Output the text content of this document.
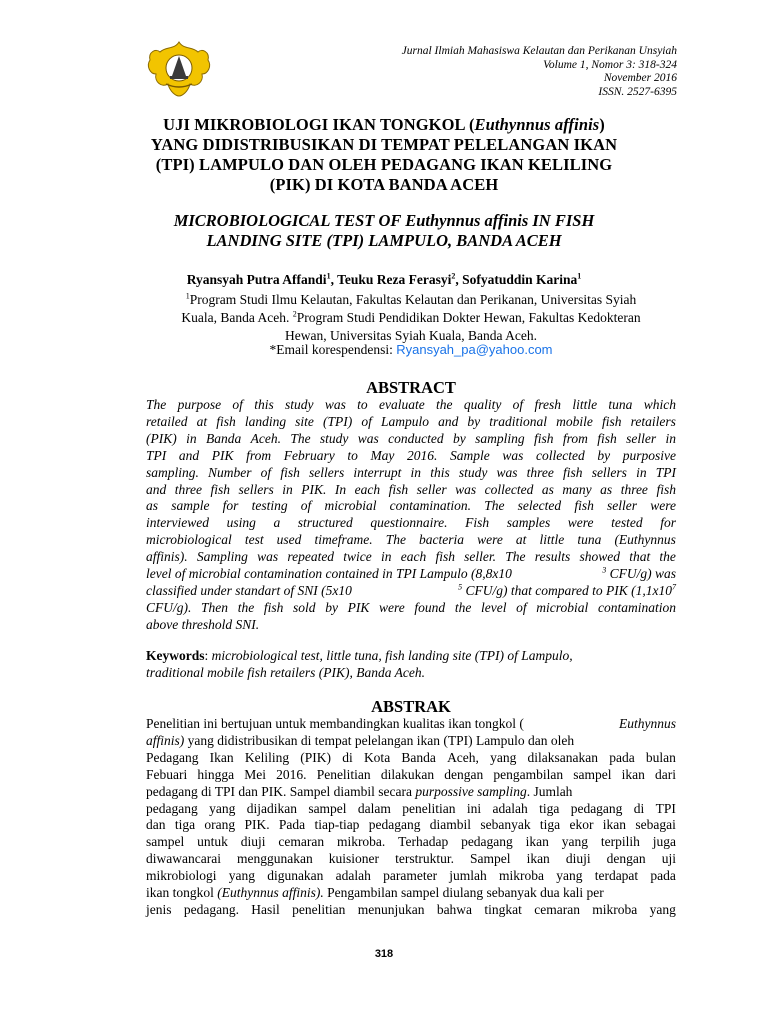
Jurnal Ilmiah Mahasiswa Kelautan dan Perikanan Unsyiah
Volume 1, Nomor 3: 318-324
November 2016
ISSN. 2527-6395
UJI MIKROBIOLOGI IKAN TONGKOL (Euthynnus affinis)
YANG DIDISTRIBUSIKAN DI TEMPAT PELELANGAN IKAN
(TPI) LAMPULO DAN OLEH PEDAGANG IKAN KELILING
(PIK) DI KOTA BANDA ACEH
MICROBIOLOGICAL TEST OF Euthynnus affinis IN FISH
LANDING SITE (TPI) LAMPULO, BANDA ACEH
Ryansyah Putra Affandi$^1$, Teuku Reza Ferasyi$^2$, Sofyatuddin Karina$^1$
$^1$Program Studi Ilmu Kelautan, Fakultas Kelautan dan Perikanan, Universitas Syiah
Kuala, Banda Aceh. $^2$Program Studi Pendidikan Dokter Hewan, Fakultas Kedokteran
Hewan, Universitas Syiah Kuala, Banda Aceh.
*Email korespendensi: Ryansyah_pa@yahoo.com
ABSTRACT
The purpose of this study was to evaluate the quality of fresh little tuna which
retailed at fish landing site (TPI) of Lampulo and by traditional mobile fish retailers
(PIK) in Banda Aceh. The study was conducted by sampling fish from fish seller in
TPI and PIK from February to May 2016. Sample was collected by purposive
sampling. Number of fish sellers interrupt in this study was three fish sellers in TPI
and three fish sellers in PIK. In each fish seller was collected as many as three fish
as sample for testing of microbial contamination. The selected fish seller were
interviewed using a structured questionnaire. Fish samples were tested for
microbiological test used timeframe. The bacteria were at little tuna (Euthynnus
affinis). Sampling was repeated twice in each fish seller. The results showed that the
level of microbial contamination contained in TPI Lampulo (8,8x10	$^3$ CFU/g) was
classified under standart of SNI (5x10	$^5$ CFU/g) that compared to PIK ($1,1x10^7$
CFU/g). Then the fish sold by PIK were found the level of microbial contamination
above threshold SNI.
Keywords: microbiological test, little tuna, fish landing site (TPI) of Lampulo,
traditional mobile fish retailers (PIK), Banda Aceh.
ABSTRAK
Penelitian ini bertujuan untuk membandingkan kualitas ikan tongkol (	Euthynnus
affinis) yang didistribusikan di tempat pelelangan ikan (TPI) Lampulo dan oleh
Pedagang Ikan Keliling (PIK) di Kota Banda Aceh, yang dilaksanakan pada bulan
Febuari hingga Mei 2016. Penelitian dilakukan dengan pengambilan sampel ikan dari
pedagang di TPI dan PIK. Sampel diambil secara purpossive sampling. Jumlah
pedagang yang dijadikan sampel dalam penelitian ini adalah tiga pedagang di TPI
dan tiga orang PIK. Pada tiap-tiap pedagang diambil sebanyak tiga ekor ikan sebagai
sampel untuk diuji cemaran mikroba. Terhadap pedagang ikan yang terpilih juga
diwawancarai menggunakan kuisioner terstruktur. Sampel ikan diuji dengan uji
mikrobiologi yang digunakan adalah parameter jumlah mikroba yang terdapat pada
ikan tongkol (Euthynnus affinis). Pengambilan sampel diulang sebanyak dua kali per
jenis pedagang. Hasil penelitian menunjukan bahwa tingkat cemaran mikroba yang
318
